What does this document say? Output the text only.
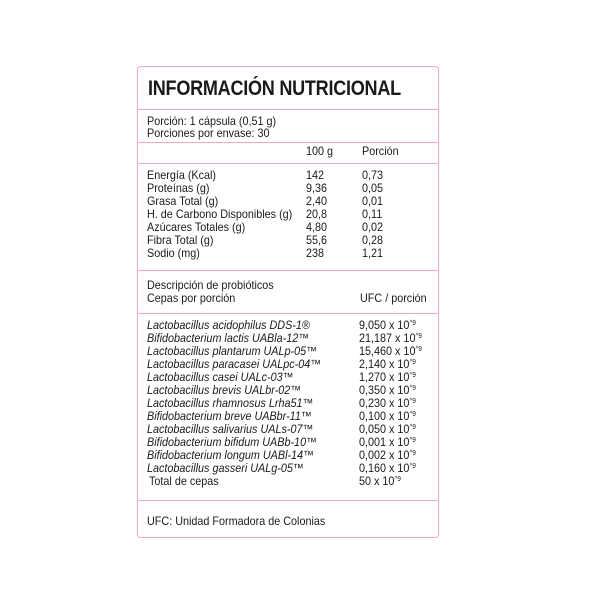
INFORMACIÓN NUTRICIONAL
Porción: 1 cápsula (0,51 g)
Porciones por envase: 30
100 g Porción
Energía (Kcal)	142	0,73
Proteínas (g)	9,36	0,05
Grasa Total (g)	2,40	0,01
H. de Carbono Disponibles (g) 20,8	0,11
Azúcares Totales (g)	4,80	0,02
Fibra Total (g)	55,6	0,28
Sodio (mg)	238	1,21
Descripción de probióticos
Cepas por porción	UFC / porción
Lactobacillus acidophilus DDS-1®	9,050 x $10^{\^{}9}$
Bifidobacterium lactis UABla-12™	21,187 x $10^{\^{}9}$
Lactobacillus plantarum UALp-05™	15,460 x $10^{\^{}9}$
Lactobacillus paracasei UALpc-04™	2,140 x $10^{\^{}9}$
Lactobacillus casei UALc-03™	1,270 x $10^{\^{}9}$
Lactobacillus brevis UALbr-02™	0,350 x $10^{\^{}9}$
Lactobacillus rhamnosus Lrha51™	0,230 x $10^{\^{}9}$
Bifidobacterium breve UABbr-11™	0,100 x $10^{\^{}9}$
Lactobacillus salivarius UALs-07™	0,050 x $10^{\^{}9}$
Bifidobacterium bifidum UABb-10™	0,001 x $10^{\^{}9}$
Bifidobacterium longum UABl-14™	0,002 x $10^{\^{}9}$
Lactobacillus gasseri UALg-05™	0,160 x $10^{\^{}9}$
Total de cepas	50 x $10^{\^{}9}$
UFC: Unidad Formadora de Colonias
